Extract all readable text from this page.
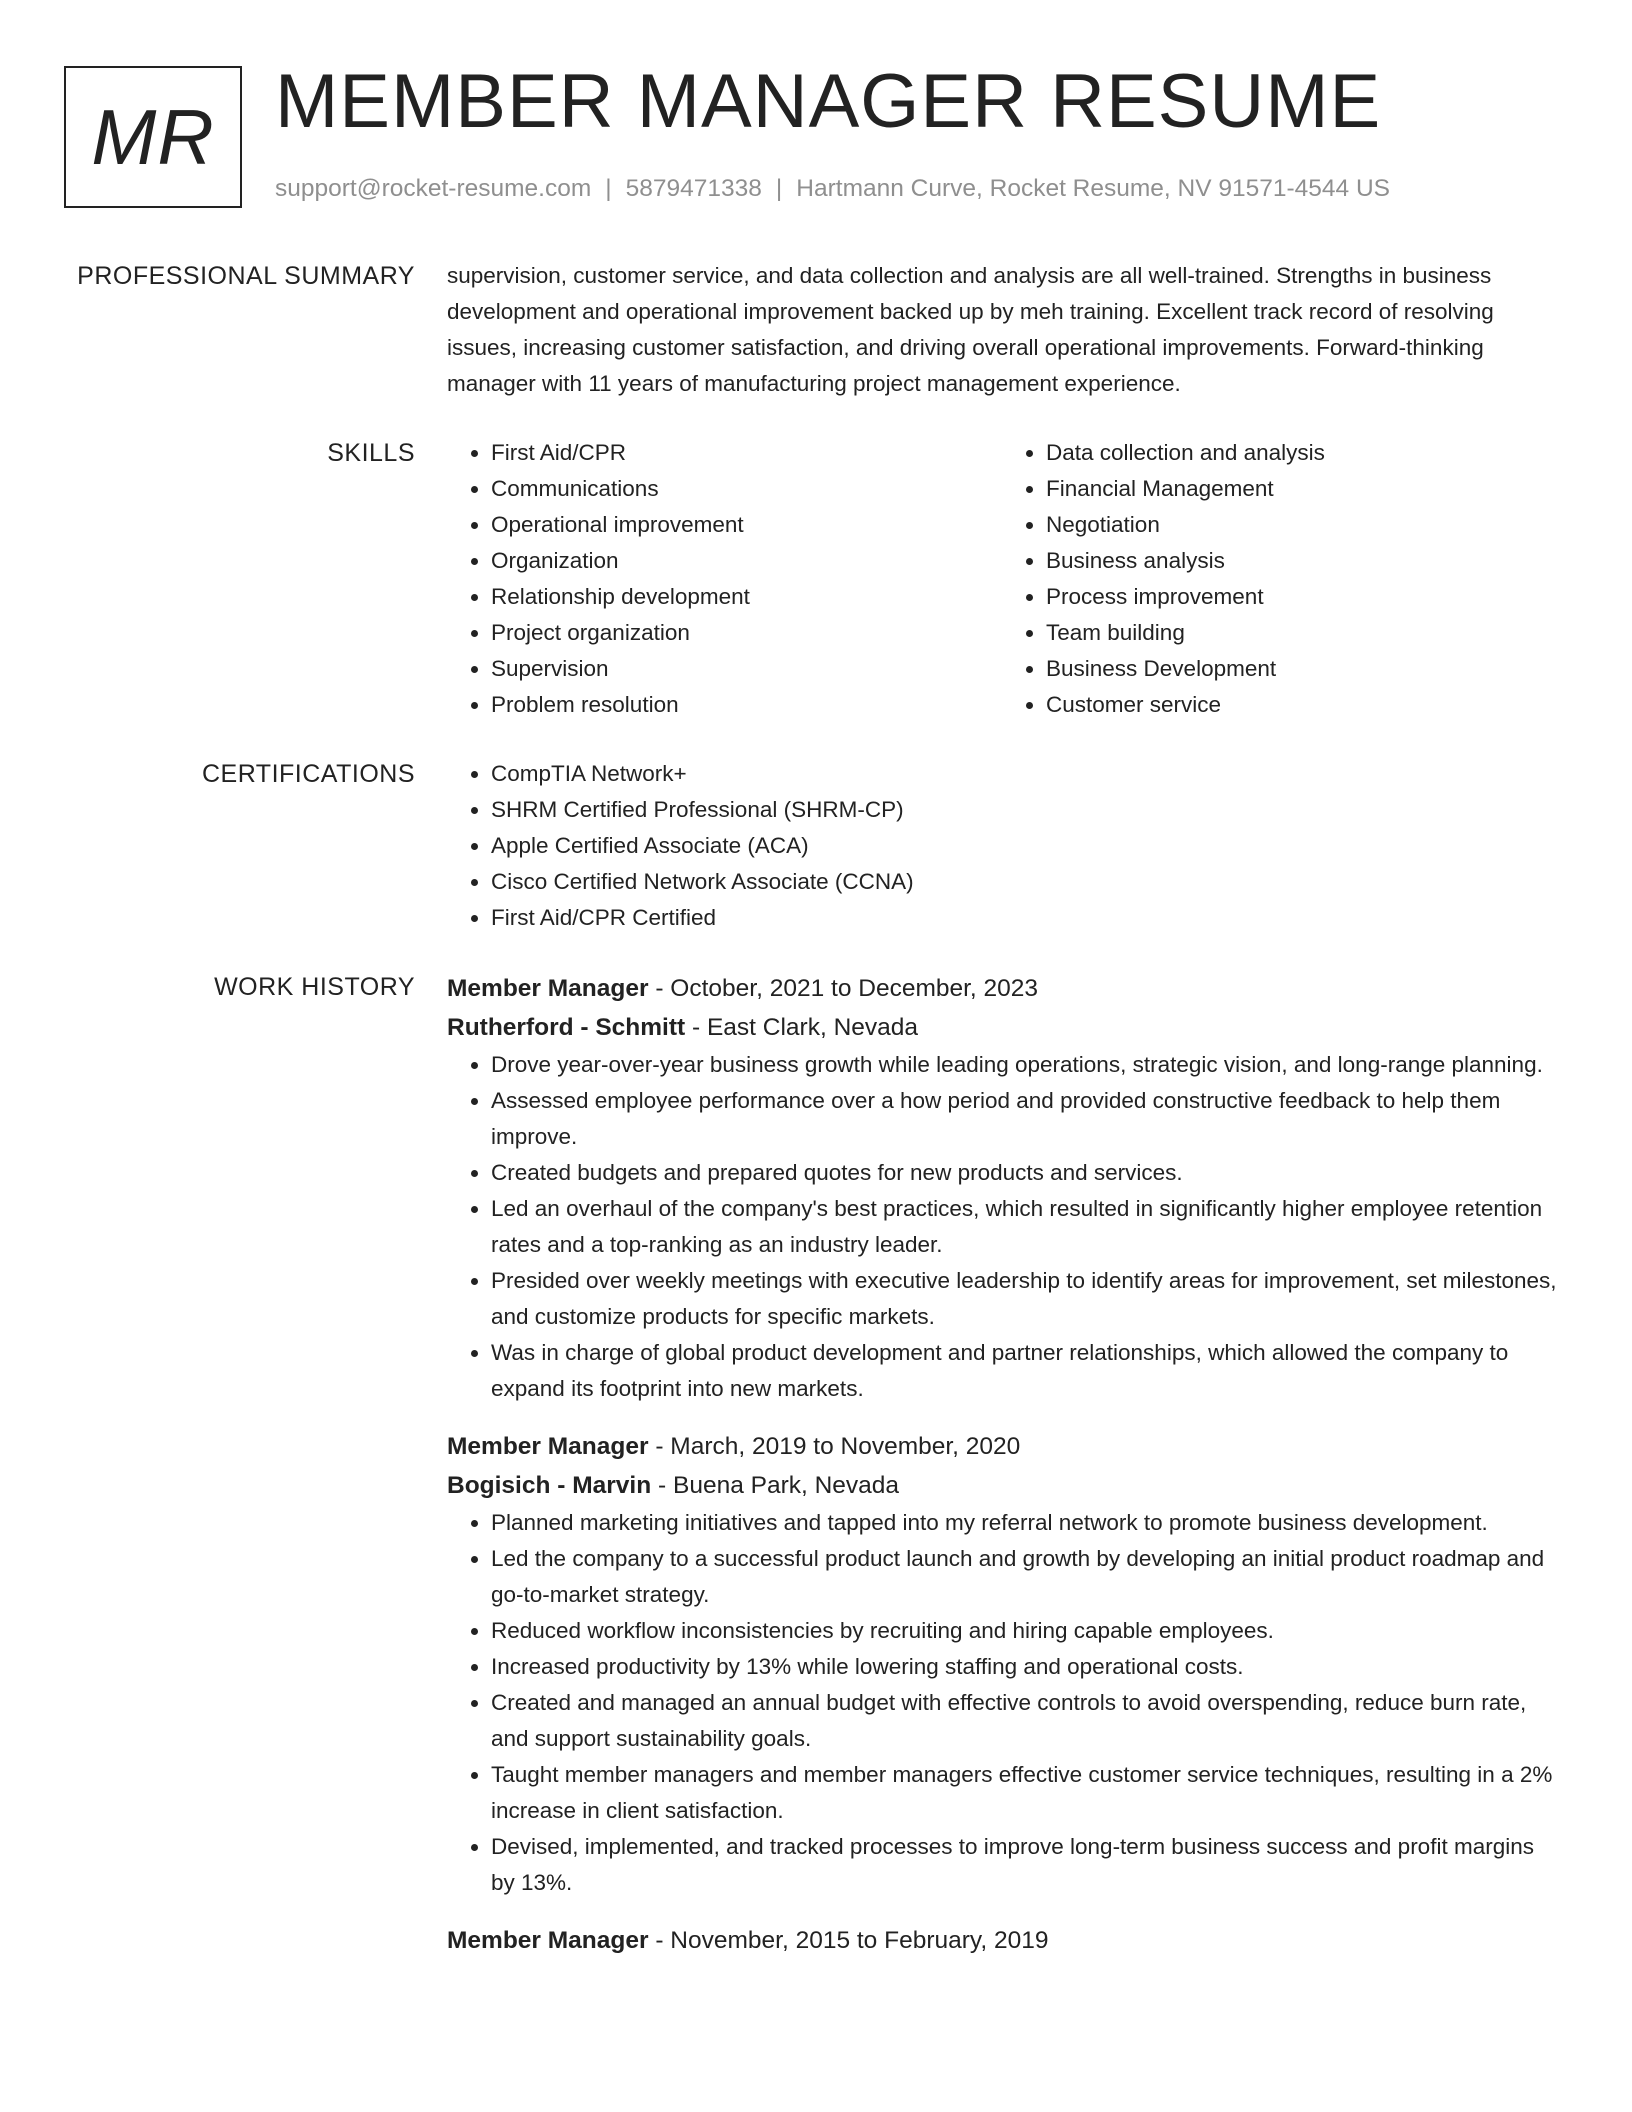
MR MEMBER MANAGER RESUME
support@rocket-resume.com | 5879471338 | Hartmann Curve, Rocket Resume, NV 91571-4544 US
PROFESSIONAL SUMMARY supervision, customer service, and data collection and analysis are all well-trained. Strengths in business development and operational improvement backed up by meh training. Excellent track record of resolving issues, increasing customer satisfaction, and driving overall operational improvements. Forward-thinking manager with 11 years of manufacturing project management experience.
SKILLS	• First Aid/CPR
• Communications
• Operational improvement
• Organization
• Relationship development
• Project organization
• Supervision
• Problem resolution
• Data collection and analysis
• Financial Management
• Negotiation
• Business analysis
• Process improvement
• Team building
• Business Development
• Customer service
CERTIFICATIONS	• CompTIA Network+
• SHRM Certified Professional (SHRM-CP)
• Apple Certified Associate (ACA)
• Cisco Certified Network Associate (CCNA)
• First Aid/CPR Certified
WORK HISTORY Member Manager - October, 2021 to December, 2023
Rutherford - Schmitt - East Clark, Nevada
• Drove year-over-year business growth while leading operations, strategic vision, and long-range planning.
• Assessed employee performance over a how period and provided constructive feedback to help them improve.
• Created budgets and prepared quotes for new products and services.
• Led an overhaul of the company's best practices, which resulted in significantly higher employee retention rates and a top-ranking as an industry leader.
• Presided over weekly meetings with executive leadership to identify areas for improvement, set milestones, and customize products for specific markets.
• Was in charge of global product development and partner relationships, which allowed the company to expand its footprint into new markets.
Member Manager - March, 2019 to November, 2020
Bogisich - Marvin - Buena Park, Nevada
• Planned marketing initiatives and tapped into my referral network to promote business development.
• Led the company to a successful product launch and growth by developing an initial product roadmap and go-to-market strategy.
• Reduced workflow inconsistencies by recruiting and hiring capable employees.
• Increased productivity by 13% while lowering staffing and operational costs.
• Created and managed an annual budget with effective controls to avoid overspending, reduce burn rate, and support sustainability goals.
• Taught member managers and member managers effective customer service techniques, resulting in a 2% increase in client satisfaction.
• Devised, implemented, and tracked processes to improve long-term business success and profit margins by 13%.
Member Manager - November, 2015 to February, 2019
